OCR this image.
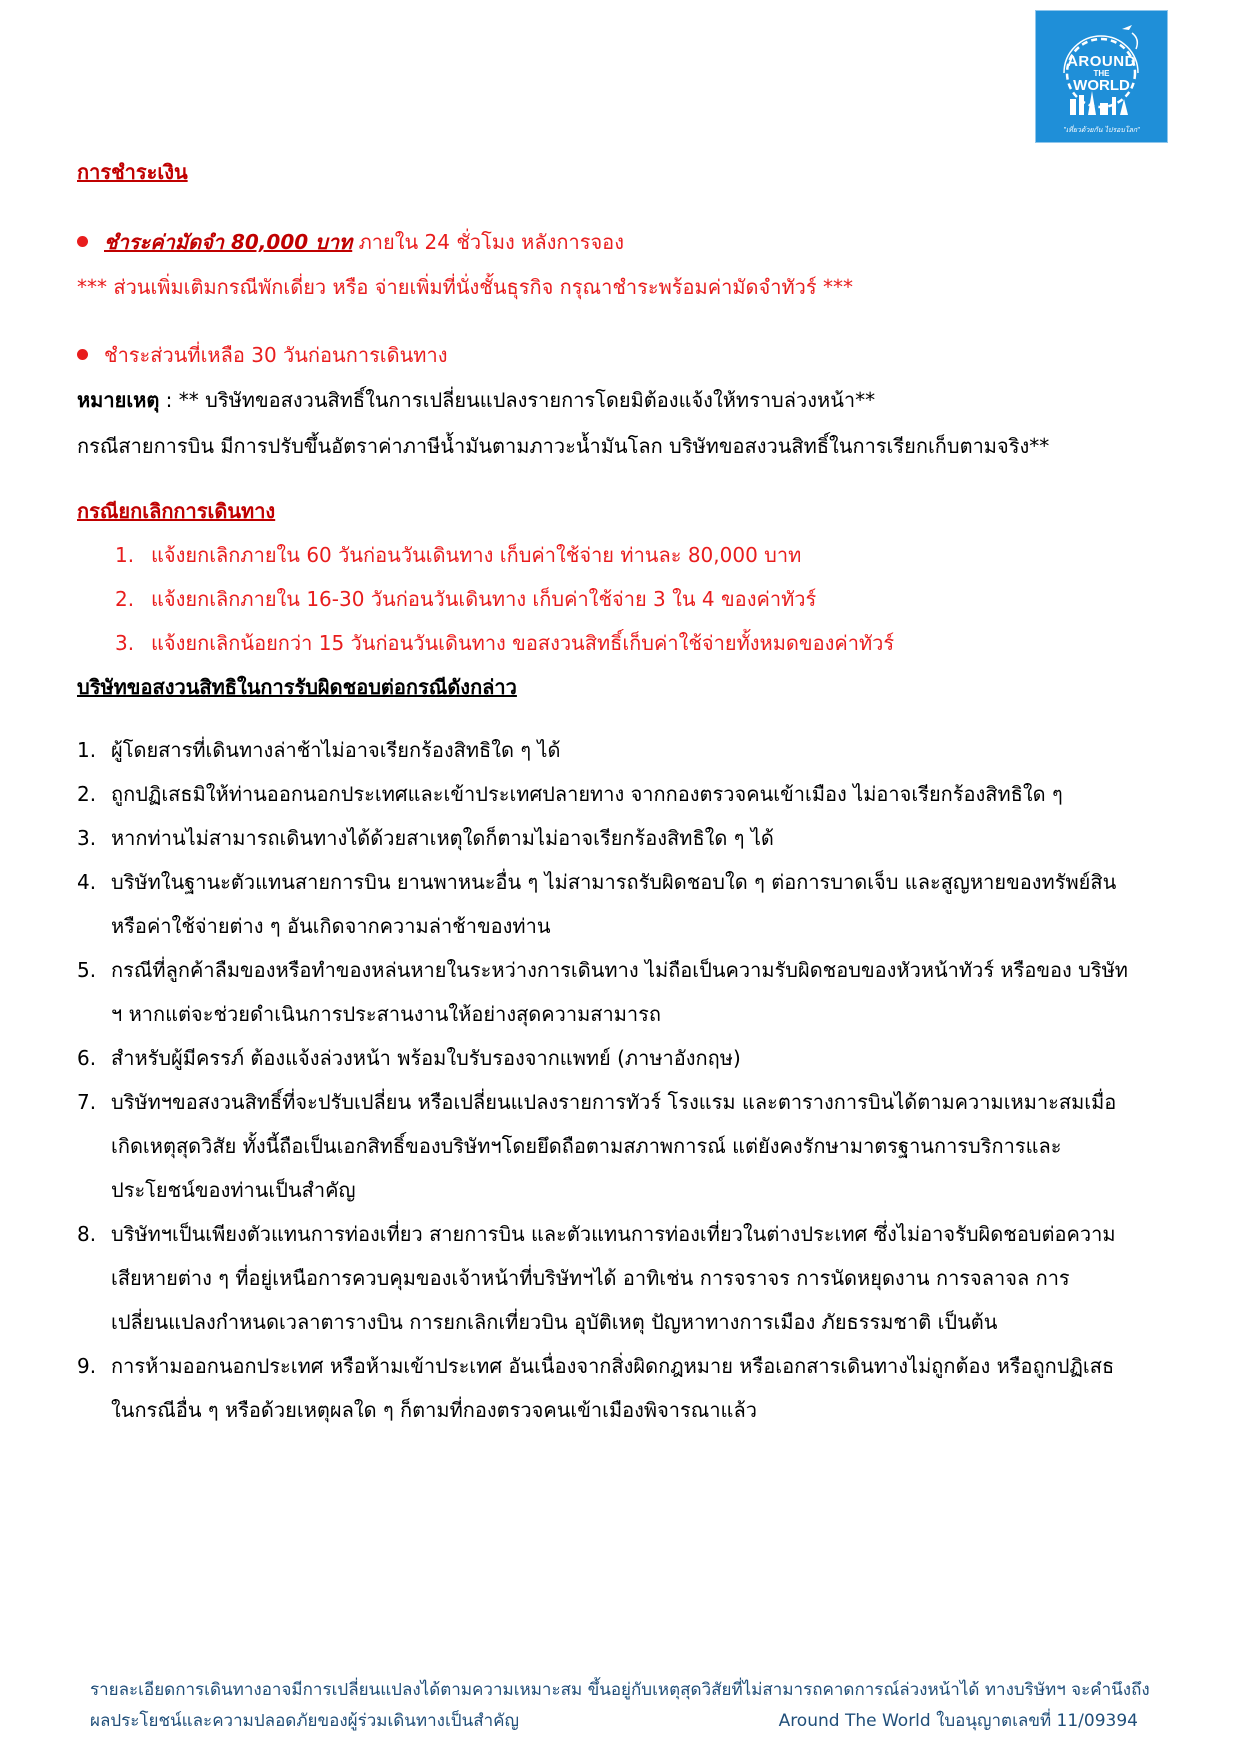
AROUND
THE
WORLD
"เที่ยวด้วยกัน ไปรอบโลก"
การชำระเงิน
ชำระค่ามัดจำ 80,000 บาท ภายใน 24 ชั่วโมง หลังการจอง
*** ส่วนเพิ่มเติมกรณีพักเดี่ยว หรือ จ่ายเพิ่มที่นั่งชั้นธุรกิจ กรุณาชำระพร้อมค่ามัดจำทัวร์ ***
ชำระส่วนที่เหลือ 30 วันก่อนการเดินทาง
หมายเหตุ : ** บริษัทขอสงวนสิทธิ์ในการเปลี่ยนแปลงรายการโดยมิต้องแจ้งให้ทราบล่วงหน้า**
กรณีสายการบิน มีการปรับขึ้นอัตราค่าภาษีน้ำมันตามภาวะน้ำมันโลก บริษัทขอสงวนสิทธิ์ในการเรียกเก็บตามจริง**
กรณียกเลิกการเดินทาง
1. แจ้งยกเลิกภายใน 60 วันก่อนวันเดินทาง เก็บค่าใช้จ่าย ท่านละ 80,000 บาท
2. แจ้งยกเลิกภายใน 16-30 วันก่อนวันเดินทาง เก็บค่าใช้จ่าย 3 ใน 4 ของค่าทัวร์
3. แจ้งยกเลิกน้อยกว่า 15 วันก่อนวันเดินทาง ขอสงวนสิทธิ์เก็บค่าใช้จ่ายทั้งหมดของค่าทัวร์
บริษัทขอสงวนสิทธิในการรับผิดชอบต่อกรณีดังกล่าว
1. ผู้โดยสารที่เดินทางล่าช้าไม่อาจเรียกร้องสิทธิใด ๆ ได้
2. ถูกปฏิเสธมิให้ท่านออกนอกประเทศและเข้าประเทศปลายทาง จากกองตรวจคนเข้าเมือง ไม่อาจเรียกร้องสิทธิใด ๆ
3. หากท่านไม่สามารถเดินทางได้ด้วยสาเหตุใดก็ตามไม่อาจเรียกร้องสิทธิใด ๆ ได้
4. บริษัทในฐานะตัวแทนสายการบิน ยานพาหนะอื่น ๆ ไม่สามารถรับผิดชอบใด ๆ ต่อการบาดเจ็บ และสูญหายของทรัพย์สิน
หรือค่าใช้จ่ายต่าง ๆ อันเกิดจากความล่าช้าของท่าน
5. กรณีที่ลูกค้าลืมของหรือทำของหล่นหายในระหว่างการเดินทาง ไม่ถือเป็นความรับผิดชอบของหัวหน้าทัวร์ หรือของ บริษัท
ฯ หากแต่จะช่วยดำเนินการประสานงานให้อย่างสุดความสามารถ
6. สำหรับผู้มีครรภ์ ต้องแจ้งล่วงหน้า พร้อมใบรับรองจากแพทย์ (ภาษาอังกฤษ)
7. บริษัทฯขอสงวนสิทธิ์ที่จะปรับเปลี่ยน หรือเปลี่ยนแปลงรายการทัวร์ โรงแรม และตารางการบินได้ตามความเหมาะสมเมื่อ
เกิดเหตุสุดวิสัย ทั้งนี้ถือเป็นเอกสิทธิ์ของบริษัทฯโดยยึดถือตามสภาพการณ์ แต่ยังคงรักษามาตรฐานการบริการและ
ประโยชน์ของท่านเป็นสำคัญ
8. บริษัทฯเป็นเพียงตัวแทนการท่องเที่ยว สายการบิน และตัวแทนการท่องเที่ยวในต่างประเทศ ซึ่งไม่อาจรับผิดชอบต่อความ
เสียหายต่าง ๆ ที่อยู่เหนือการควบคุมของเจ้าหน้าที่บริษัทฯได้ อาทิเช่น การจราจร การนัดหยุดงาน การจลาจล การ
เปลี่ยนแปลงกำหนดเวลาตารางบิน การยกเลิกเที่ยวบิน อุบัติเหตุ ปัญหาทางการเมือง ภัยธรรมชาติ เป็นต้น
9. การห้ามออกนอกประเทศ หรือห้ามเข้าประเทศ อันเนื่องจากสิ่งผิดกฎหมาย หรือเอกสารเดินทางไม่ถูกต้อง หรือถูกปฏิเสธ
ในกรณีอื่น ๆ หรือด้วยเหตุผลใด ๆ ก็ตามที่กองตรวจคนเข้าเมืองพิจารณาแล้ว
รายละเอียดการเดินทางอาจมีการเปลี่ยนแปลงได้ตามความเหมาะสม ขึ้นอยู่กับเหตุสุดวิสัยที่ไม่สามารถคาดการณ์ล่วงหน้าได้ ทางบริษัทฯ จะคำนึงถึง
ผลประโยชน์และความปลอดภัยของผู้ร่วมเดินทางเป็นสำคัญ	Around The World ใบอนุญาตเลขที่ 11/09394
